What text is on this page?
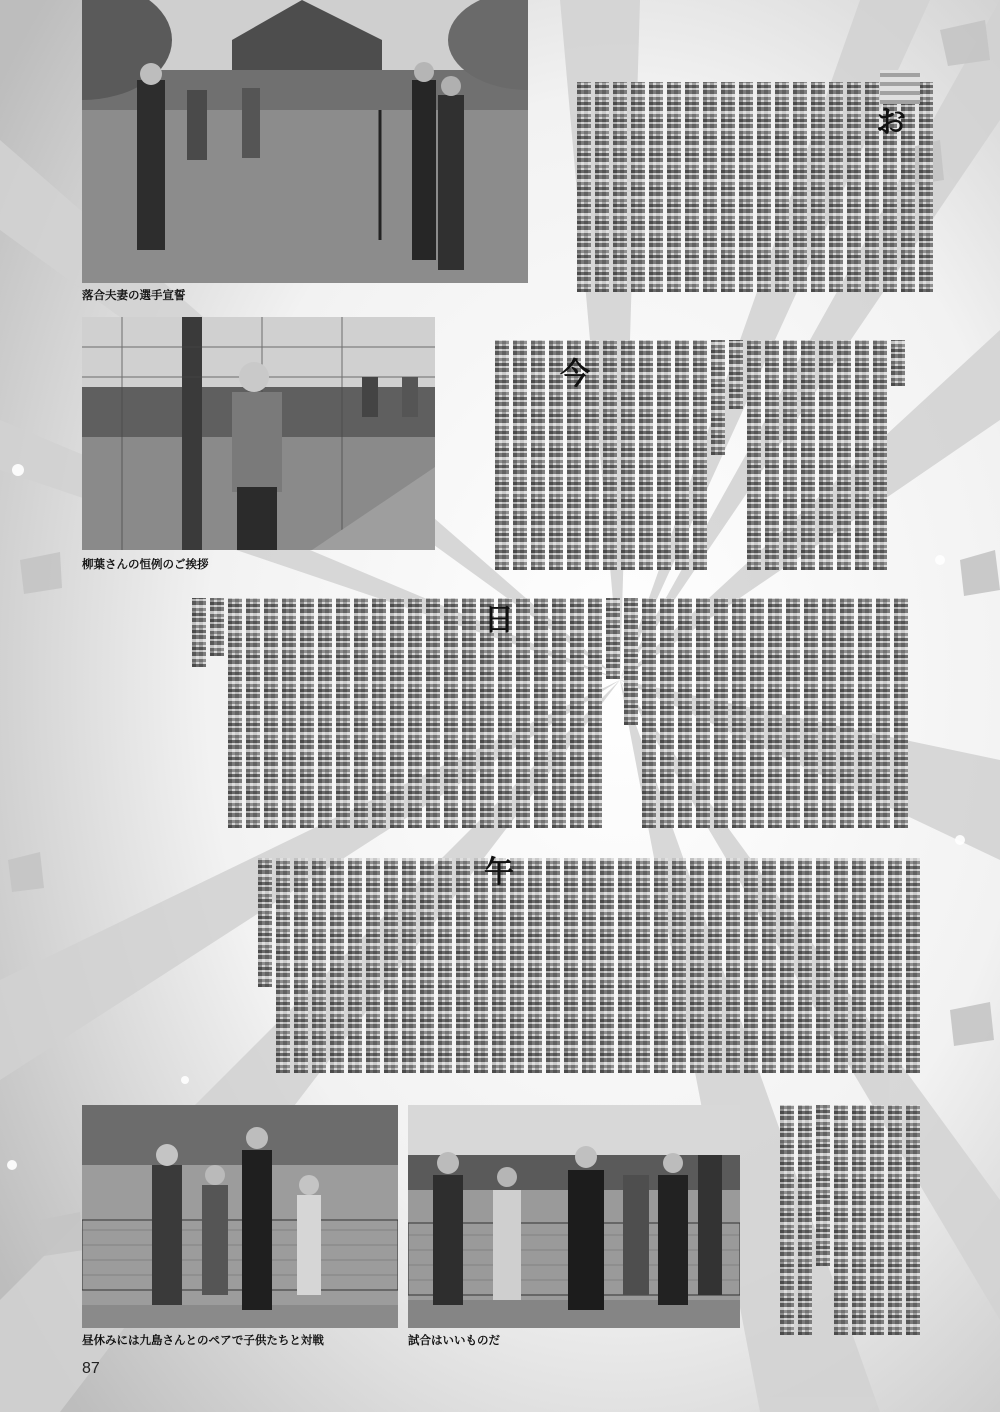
落合夫妻の選手宣誓
柳葉さんの恒例のご挨拶
昼休みには九島さんとのペアで子供たちと対戦	試合はいいものだ
お
今
日
午
87
